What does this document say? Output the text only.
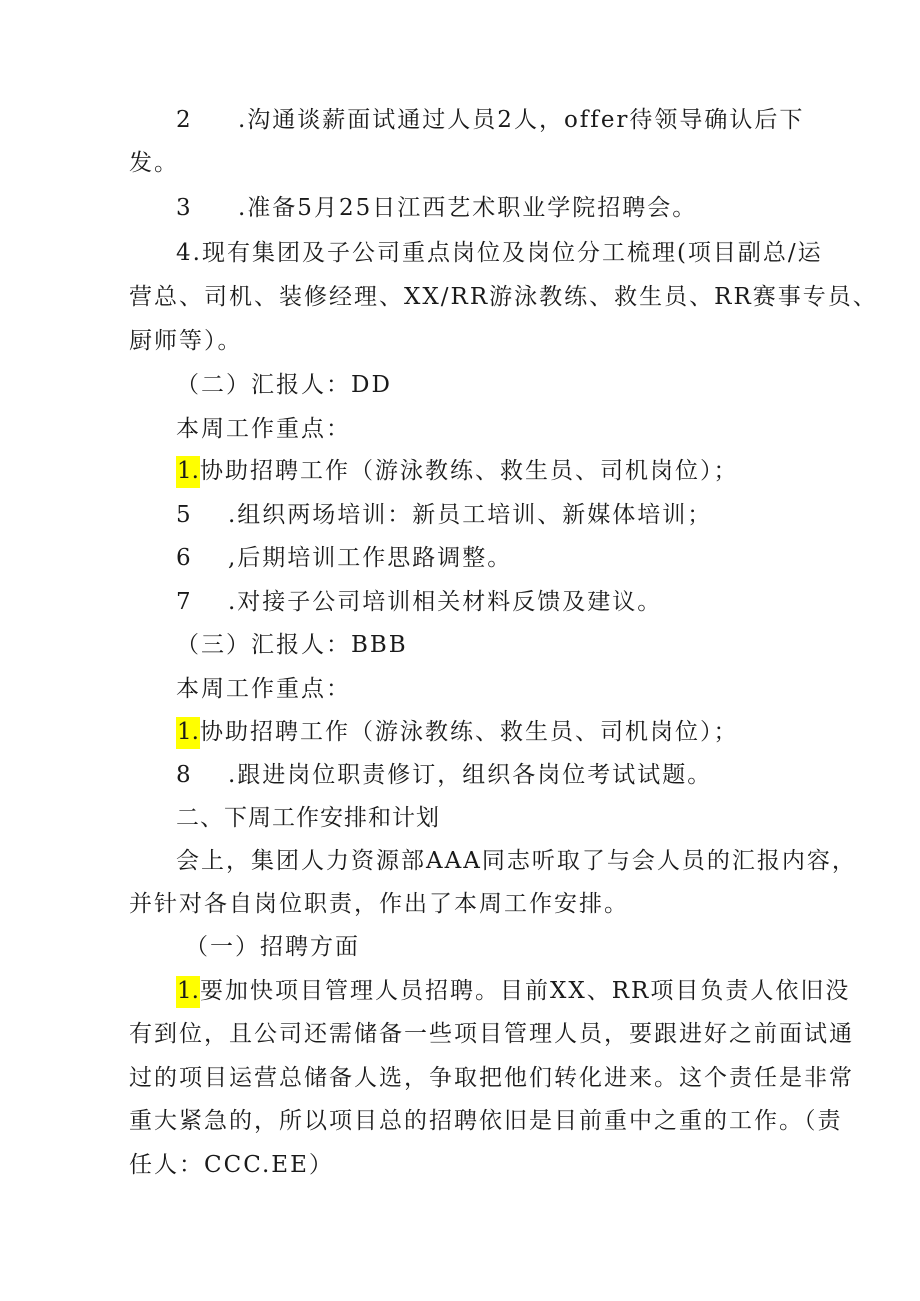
2 .沟通谈薪面试通过人员2人，offer待领导确认后下
发。
3 .准备5月25日江西艺术职业学院招聘会。
4.现有集团及子公司重点岗位及岗位分工梳理(项目副总/运
营总、司机、装修经理、XX/RR游泳教练、救生员、RR赛事专员、
厨师等）。
（二）汇报人：DD
本周工作重点：
1.协助招聘工作（游泳教练、救生员、司机岗位）；
5 .组织两场培训：新员工培训、新媒体培训；
6 ,后期培训工作思路调整。
7 .对接子公司培训相关材料反馈及建议。
（三）汇报人：BBB
本周工作重点：
1.协助招聘工作（游泳教练、救生员、司机岗位）；
8 .跟进岗位职责修订，组织各岗位考试试题。
二、下周工作安排和计划
会上，集团人力资源部AAA同志听取了与会人员的汇报内容，
并针对各自岗位职责，作出了本周工作安排。
（一）招聘方面
1.要加快项目管理人员招聘。目前XX、RR项目负责人依旧没
有到位，且公司还需储备一些项目管理人员，要跟进好之前面试通
过的项目运营总储备人选，争取把他们转化进来。这个责任是非常
重大紧急的，所以项目总的招聘依旧是目前重中之重的工作。（责
任人：CCC.EE）
